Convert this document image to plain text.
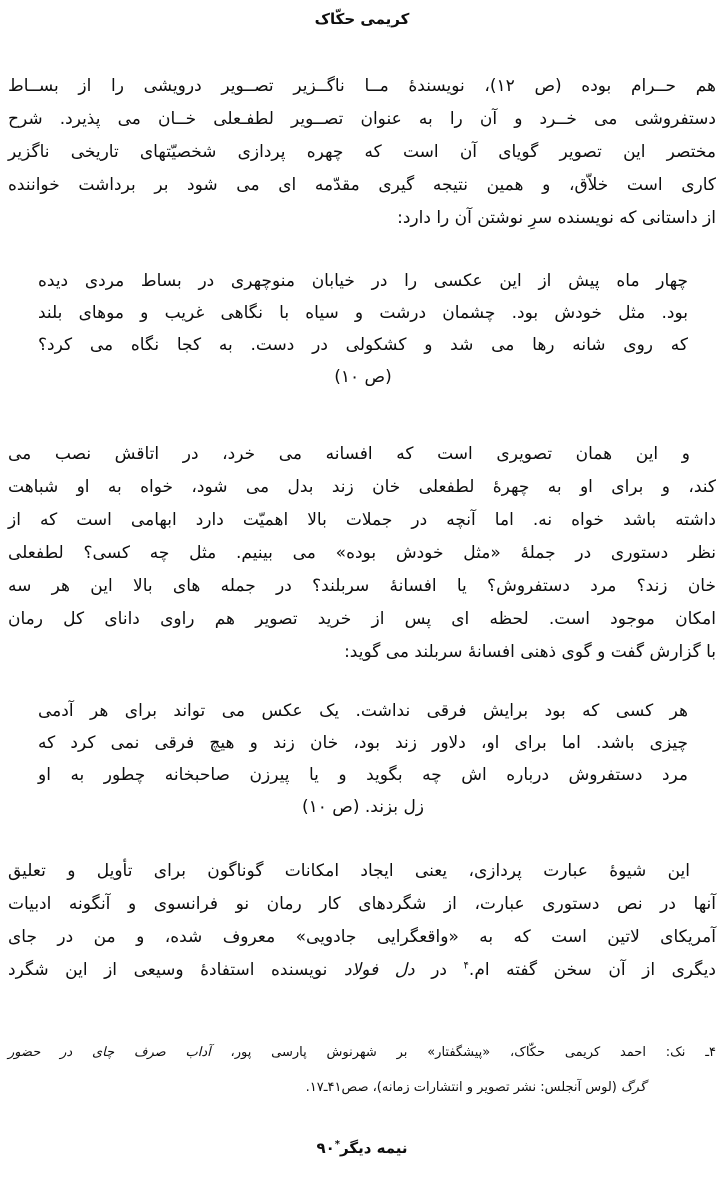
کریمی حکّاک
هم حــرام بوده (ص ۱۲)، نویسندهٔ مــا ناگــزیر تصــویر درویشی را از بســاط
دستفروشی می خــرد و آن را به عنوان تصــویر لطفـعلی خــان می پذیرد. شرح
مختصر این تصویر گویای آن است که چهره پردازی شخصیّتهای تاریخی ناگزیر
کاری است خلاّق، و همین نتیجه گیری مقدّمه ای می شود بر برداشت خواننده
از داستانی که نویسنده سرِ نوشتن آن را دارد:
چهار ماه پیش از این عکسی را در خیابان منوچهری در بساط مردی دیده
بود. مثل خودش بود. چشمان درشت و سیاه با نگاهی غریب و موهای بلند
که روی شانه رها می شد و کشکولی در دست. به کجا نگاه می کرد؟
(ص ۱۰)
و این همان تصویری است که افسانه می خرد، در اتاقش نصب می
کند، و برای او به چهرهٔ لطفعلی خان زند بدل می شود، خواه به او شباهت
داشته باشد خواه نه. اما آنچه در جملات بالا اهمیّت دارد ابهامی است که از
نظر دستوری در جملهٔ «مثل خودش بوده» می بینیم. مثل چه کسی؟ لطفعلی
خان زند؟ مرد دستفروش؟ یا افسانهٔ سربلند؟ در جمله های بالا این هر سه
امکان موجود است. لحظه ای پس از خرید تصویر هم راوی دانای کل رمان
با گزارش گفت و گوی ذهنی افسانهٔ سربلند می گوید:
هر کسی که بود برایش فرقی نداشت. یک عکس می تواند برای هر آدمی
چیزی باشد. اما برای او، دلاور زند بود، خان زند و هیچ فرقی نمی کرد که
مرد دستفروش درباره اش چه بگوید و یا پیرزن صاحبخانه چطور به او
زل بزند. (ص ۱۰)
این شیوهٔ عبارت پردازی، یعنی ایجاد امکانات گوناگون برای تأویل و تعلیق
آنها در نص دستوری عبارت، از شگردهای کار رمان نو فرانسوی و آنگونه ادبیات
آمریکای لاتین است که به «واقعگرایی جادویی» معروف شده، و من در جای
دیگری از آن سخن گفته ام.$^۴$ در دل فولاد نویسنده استفادهٔ وسیعی از این شگرد
۴ـ نک: احمد کریمی حکّاک، «پیشگفتار» بر شهرنوش پارسی پور، آداب صرف چای در حضور
گرگ (لوس آنجلس: نشر تصویر و انتشارات زمانه)، صص۴۱ـ۱۷.
نیمه دیگر*۹۰
